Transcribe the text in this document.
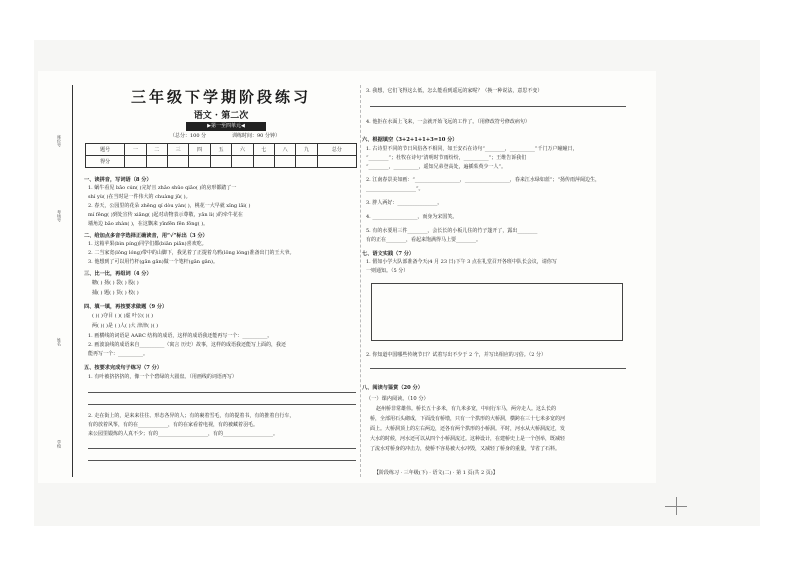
座位号
考场号
姓名
学校
三年级下学期阶段练习
语文 · 第二次
▶第一至四单元◀
（总分：100 分	训练时间：90 分钟）
题号	一	二	三	四	五	六	七	八	九	总分
得分										
一、读拼音，写词语（8 分）
1. 蜗牛看见 bǎo cún( )完好且 zhǎo shǔo qiǎo( )的房形都踏了一
shí yù( )在当时是一件伟大的 chuàng jǔ( )。
2. 春天，公园里的花朵 zhēng qí dòu yàn( )，桃花一大早就 xǐng lǎi( )
mí fēng( )到处宣传 xiāng( )起对动物表示尊敬，yān lì( )的牵牛花在
墙角边 bǎo zhàn( )，在这飘来 yīnfēn fēn fǒng( )。
二、给加点多音字选择正确读音，用“√”标出（3 分）
1. 这箱苹果(bìn píng)同学们都(biān piān)喜欢吃。
2. 二当家宽(lǒng lóng)带中的山脚下，我见着了正提着乌鸦(lǒng lóng)准备出门的王大爷。
3. 他想到了可以用竹杆(gǎn gān)做一个笔杆(gǎn gān)。
三、比一比，再组词（4 分）
糖( ) 扬( ) 袋( ) 股( )
捕( ) 题( ) 货( ) 校( )
四、填一填，再按要求做题（9 分）
( )( )夺目 ( )( )虚 叶公( )( )
两( )( )是 ( )人( )大 津津( )( )
1. 画横线的词语是 AABC 结构的成语，这样的成语我还能再写一个：__________。
2. 画波浪线的成语来自__________（寓言 历史）故事，这样的成语我还能写上面的，我还
能再写一个：__________。
五、按要求完成句子练习（7 分）
1. 有叶被挤挤挤的，像一个个碧绿的大圆盘。（用画线的词语再写）
2. 走在街上的，是来来往往、形态各异的人；有的裹着雪毛，有的提着书，有的推着自行车，
有的放着风筝，有的在____________，有的在家看着电视，有的被藏着羽毛。
来公园里锻炼的人真不少；有的____________________，有的____________________。
3. 我想，它们飞得这么低，怎么能看到遥远的家呢？（换一种说法，意思不变）
4. 他拒在水面上飞来，一会就开始飞远的工作了。（用修改符号修改病句）
六、根据填空（3+2+1+1+3=10 分）
1. 古诗里不同的节日风俗各不相同，如王安石在诗句“________，__________”千门万户瞳瞳日，
“________”；杜牧在诗句“清明时节雨纷纷，__________”；王维告诉我们
“________，__________，遥知兄弟登高处，遍插茱萸少一人”。
2. 江南春景美如画：“__________________，__________________，春来江水绿如蓝”；“扬传雨萍阔边生，
____________________”。
3. 胖人两好：________________。
4. __________________，而身为宋国笑。
5. 有的水要用三件________，会长长的小板儿住的竹子篷开了，露出________
有的正在________，看起来饱满得马上要________。
七、语文实践（7 分）
1. 假如小学大队部准备今天(4 月 23 日)下午 3 点在礼堂召开各班中队长会议，请你写
一则通知。（5 分）
2. 你知道中国哪些传统节日？试着写出不少于 2 个，并写出相应的习俗。（2 分）
八、阅读与鉴赏（20 分）
（一）课内阅读。（10 分）
赵州桥非常雄伟。桥长五十多米，有九米多宽，中间行车马，两旁走人。这么长的
桥，全部用石头砌成，下面没有桥墩，只有一个拱形的大桥洞，横跨在三十七米多宽的河
面上。大桥洞顶上的左右两边，还各有两个拱形的小桥洞。平时，河水从大桥洞流过，发
大水的时候，河水还可以从四个小桥洞流过。这种设计，在建桥史上是一个创举，既减轻
了流水对桥身的冲击力，使桥不容易被大水冲毁，又减轻了桥身的重量，节省了石料。
【阶段练习 · 三年级(下) · 语文(二) · 第 1 页(共 2 页)】
